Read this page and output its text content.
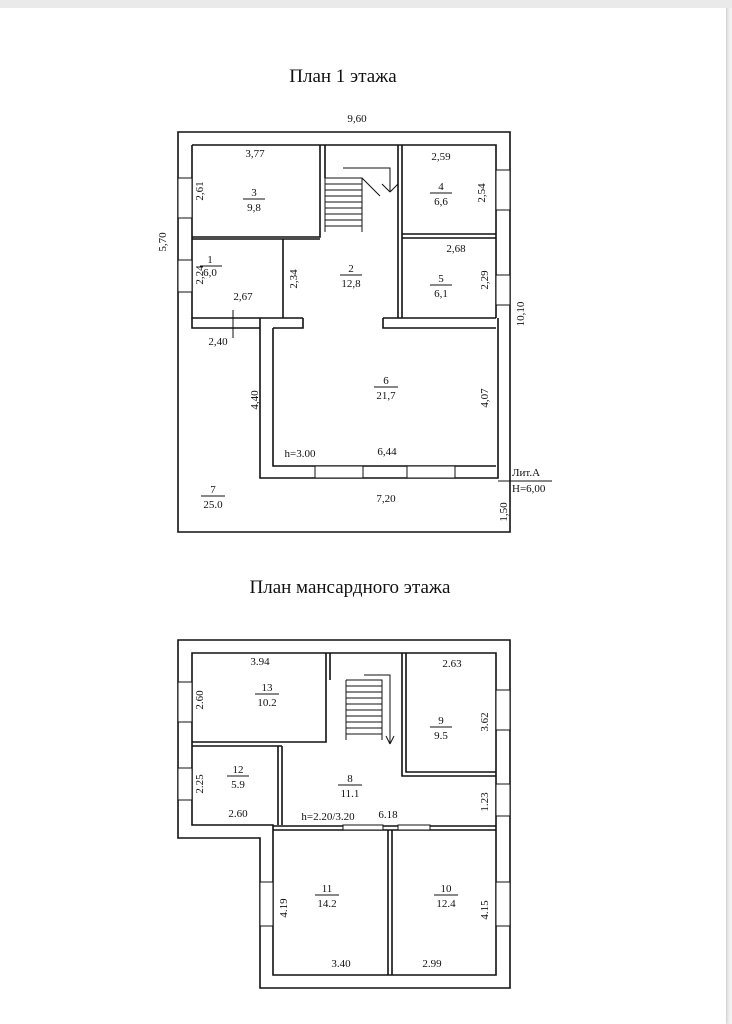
План 1 этажа
9,60
5,70
10,10
1,50
7,20
6,44
4,07
4,40
2,40
3,77
2,61
2,24
2,67
2,34
2,59
2,54
2,68
2,29
h=3.00
Лит.А
H=6,00
1
6,0	2
12,8
3
9,8
4
6,6
5
6,1
6
21,7
7
25.0
План мансардного этажа
3.94
2.60
2.63
3.62
2.25
2.60	6.18
1.23
4.19
3.40	2.99
4.15
h=2.20/3.20
8
11.1
9
9.5
10
12.4
11
14.2
12
5.9
13
10.2
